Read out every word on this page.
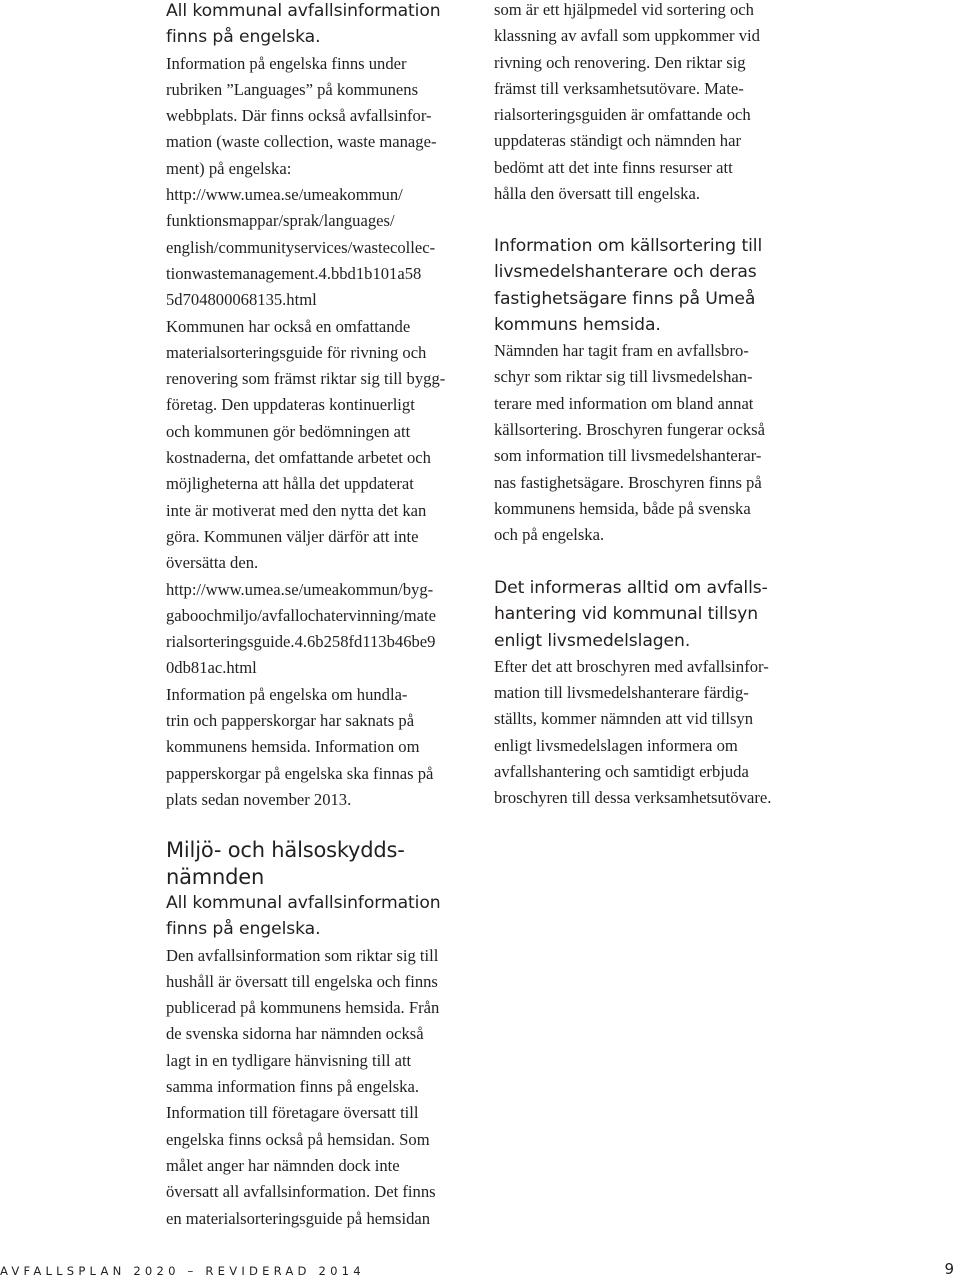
All kommunal avfallsinformation
finns på engelska.

Information på engelska finns under
rubriken ”Languages” på kommunens
webbplats. Där finns också avfallsinfor-
mation (waste collection, waste manage-
ment) på engelska:
http://www.umea.se/umeakommun/
funktionsmappar/sprak/languages/
english/communityservices/wastecollec-
tionwastemanagement.4.bbd1b101a58
5d704800068135.html
Kommunen har också en omfattande
materialsorteringsguide för rivning och
renovering som främst riktar sig till bygg-
företag. Den uppdateras kontinuerligt
och kommunen gör bedömningen att
kostnaderna, det omfattande arbetet och
möjligheterna att hålla det uppdaterat
inte är motiverat med den nytta det kan
göra. Kommunen väljer därför att inte
översätta den.
http://www.umea.se/umeakommun/byg-
gaboochmiljo/avfallochatervinning/mate
rialsorteringsguide.4.6b258fd113b46be9
0db81ac.html
Information på engelska om hundla-
trin och papperskorgar har saknats på
kommunens hemsida. Information om
papperskorgar på engelska ska finnas på
plats sedan november 2013.

Miljö- och hälsoskydds-
nämnden

All kommunal avfallsinformation
finns på engelska.

Den avfallsinformation som riktar sig till
hushåll är översatt till engelska och finns
publicerad på kommunens hemsida. Från
de svenska sidorna har nämnden också
lagt in en tydligare hänvisning till att
samma information finns på engelska.
Information till företagare översatt till
engelska finns också på hemsidan. Som
målet anger har nämnden dock inte
översatt all avfallsinformation. Det finns
en materialsorteringsguide på hemsidan

som är ett hjälpmedel vid sortering och
klassning av avfall som uppkommer vid
rivning och renovering. Den riktar sig
främst till verksamhetsutövare. Mate-
rialsorteringsguiden är omfattande och
uppdateras ständigt och nämnden har
bedömt att det inte finns resurser att
hålla den översatt till engelska.

Information om källsortering till
livsmedelshanterare och deras
fastighetsägare finns på Umeå
kommuns hemsida.

Nämnden har tagit fram en avfallsbro-
schyr som riktar sig till livsmedelshan-
terare med information om bland annat
källsortering. Broschyren fungerar också
som information till livsmedelshanterar-
nas fastighetsägare. Broschyren finns på
kommunens hemsida, både på svenska
och på engelska.

Det informeras alltid om avfalls-
hantering vid kommunal tillsyn
enligt livsmedelslagen.

Efter det att broschyren med avfallsinfor-
mation till livsmedelshanterare färdig-
ställts, kommer nämnden att vid tillsyn
enligt livsmedelslagen informera om
avfallshantering och samtidigt erbjuda
broschyren till dessa verksamhetsutövare.

AVFALLSPLAN 2020 – REVIDERAD 2014	9
